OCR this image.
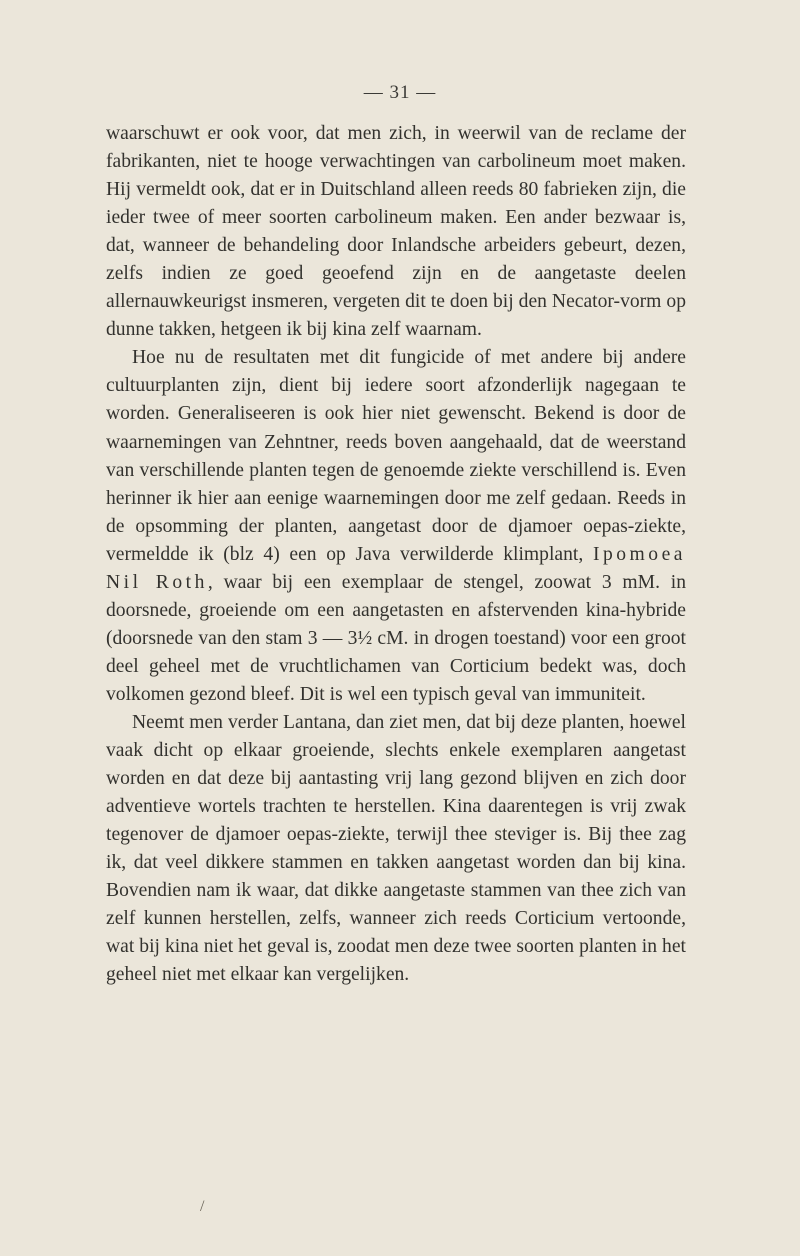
— 31 —

waarschuwt er ook voor, dat men zich, in weerwil van de reclame der fabrikanten, niet te hooge verwachtingen van carbolineum moet maken. Hij vermeldt ook, dat er in Duitschland alleen reeds 80 fabrieken zijn, die ieder twee of meer soorten carbolineum maken. Een ander bezwaar is, dat, wanneer de behandeling door Inlandsche arbeiders gebeurt, dezen, zelfs indien ze goed geoefend zijn en de aangetaste deelen allernauwkeurigst insmeren, vergeten dit te doen bij den Necator-vorm op dunne takken, hetgeen ik bij kina zelf waarnam.

Hoe nu de resultaten met dit fungicide of met andere bij andere cultuurplanten zijn, dient bij iedere soort afzonderlijk nagegaan te worden. Generaliseeren is ook hier niet gewenscht. Bekend is door de waarnemingen van Zehntner, reeds boven aangehaald, dat de weerstand van verschillende planten tegen de genoemde ziekte verschillend is. Even herinner ik hier aan eenige waarnemingen door me zelf gedaan. Reeds in de opsomming der planten, aangetast door de djamoer oepas-ziekte, vermeldde ik (blz 4) een op Java verwilderde klimplant, Ipomoea Nil Roth, waar bij een exemplaar de stengel, zoowat 3 mM. in doorsnede, groeiende om een aangetasten en afstervenden kina-hybride (doorsnede van den stam 3 — 3½ cM. in drogen toestand) voor een groot deel geheel met de vruchtlichamen van Corticium bedekt was, doch volkomen gezond bleef. Dit is wel een typisch geval van immuniteit.

Neemt men verder Lantana, dan ziet men, dat bij deze planten, hoewel vaak dicht op elkaar groeiende, slechts enkele exemplaren aangetast worden en dat deze bij aantasting vrij lang gezond blijven en zich door adventieve wortels trachten te herstellen. Kina daarentegen is vrij zwak tegenover de djamoer oepas-ziekte, terwijl thee steviger is. Bij thee zag ik, dat veel dikkere stammen en takken aangetast worden dan bij kina. Bovendien nam ik waar, dat dikke aangetaste stammen van thee zich van zelf kunnen herstellen, zelfs, wanneer zich reeds Corticium vertoonde, wat bij kina niet het geval is, zoodat men deze twee soorten planten in het geheel niet met elkaar kan vergelijken.

/
